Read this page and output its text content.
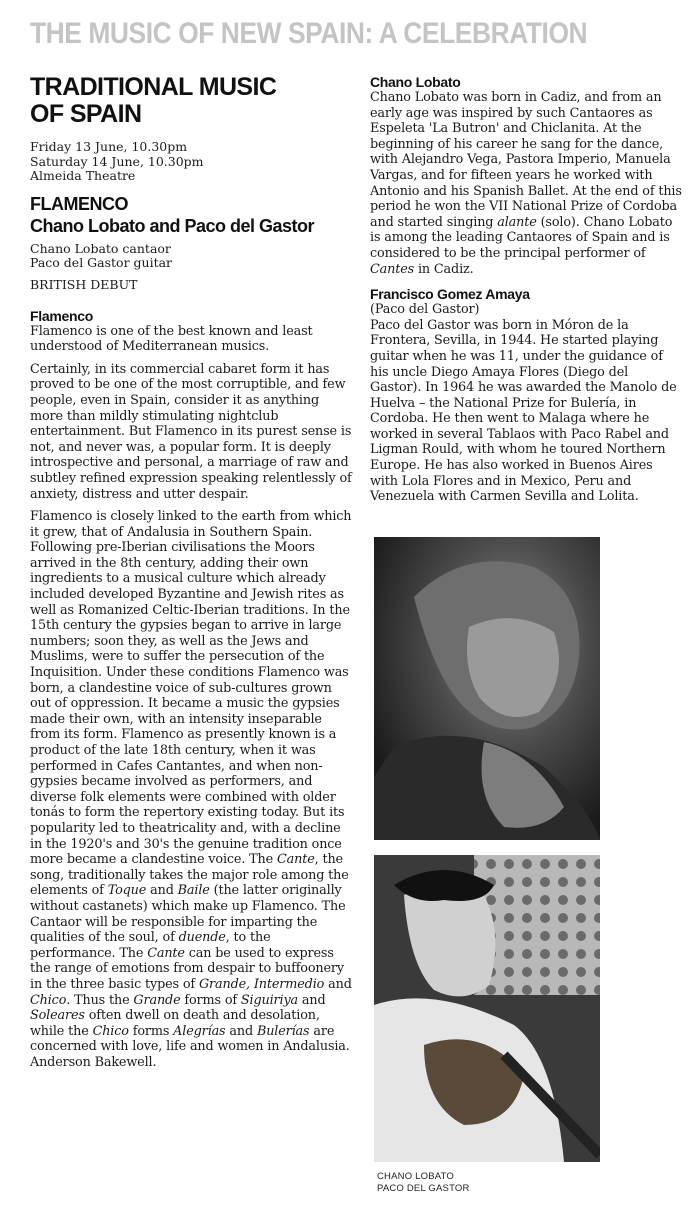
THE MUSIC OF NEW SPAIN: A CELEBRATION
TRADITIONAL MUSIC
OF SPAIN
Friday 13 June, 10.30pm
Saturday 14 June, 10.30pm
Almeida Theatre
FLAMENCO
Chano Lobato and Paco del Gastor
Chano Lobato cantaor
Paco del Gastor guitar
BRITISH DEBUT
Flamenco

Flamenco is one of the best known and least understood of Mediterranean musics.

Certainly, in its commercial cabaret form it has proved to be one of the most corruptible, and few people, even in Spain, consider it as anything more than mildly stimulating nightclub entertainment. But Flamenco in its purest sense is not, and never was, a popular form. It is deeply introspective and personal, a marriage of raw and subtley refined expression speaking relentlessly of anxiety, distress and utter despair.

Flamenco is closely linked to the earth from which it grew, that of Andalusia in Southern Spain. Following pre-Iberian civilisations the Moors arrived in the 8th century, adding their own ingredients to a musical culture which already included developed Byzantine and Jewish rites as well as Romanized Celtic-Iberian traditions. In the 15th century the gypsies began to arrive in large numbers; soon they, as well as the Jews and Muslims, were to suffer the persecution of the Inquisition. Under these conditions Flamenco was born, a clandestine voice of sub-cultures grown out of oppression. It became a music the gypsies made their own, with an intensity inseparable from its form. Flamenco as presently known is a product of the late 18th century, when it was performed in Cafes Cantantes, and when non-gypsies became involved as performers, and diverse folk elements were combined with older tonás to form the repertory existing today. But its popularity led to theatricality and, with a decline in the 1920's and 30's the genuine tradition once more became a clandestine voice. The Cante, the song, traditionally takes the major role among the elements of Toque and Baile (the latter originally without castanets) which make up Flamenco. The Cantaor will be responsible for imparting the qualities of the soul, of duende, to the performance. The Cante can be used to express the range of emotions from despair to buffoonery in the three basic types of Grande, Intermedio and Chico. Thus the Grande forms of Siguiriya and Soleares often dwell on death and desolation, while the Chico forms Alegrías and Bulerías are concerned with love, life and women in Andalusia.
Anderson Bakewell.

Chano Lobato
Chano Lobato was born in Cadiz, and from an early age was inspired by such Cantaores as Espeleta 'La Butron' and Chiclanita. At the beginning of his career he sang for the dance, with Alejandro Vega, Pastora Imperio, Manuela Vargas, and for fifteen years he worked with Antonio and his Spanish Ballet. At the end of this period he won the VII National Prize of Cordoba and started singing alante (solo). Chano Lobato is among the leading Cantaores of Spain and is considered to be the principal performer of Cantes in Cadiz.
Francisco Gomez Amaya
(Paco del Gastor)
Paco del Gastor was born in Móron de la Frontera, Sevilla, in 1944. He started playing guitar when he was 11, under the guidance of his uncle Diego Amaya Flores (Diego del Gastor). In 1964 he was awarded the Manolo de Huelva – the National Prize for Bulería, in Cordoba. He then went to Malaga where he worked in several Tablaos with Paco Rabel and Ligman Rould, with whom he toured Northern Europe. He has also worked in Buenos Aires with Lola Flores and in Mexico, Peru and Venezuela with Carmen Sevilla and Lolita.
CHANO LOBATO
PACO DEL GASTOR
